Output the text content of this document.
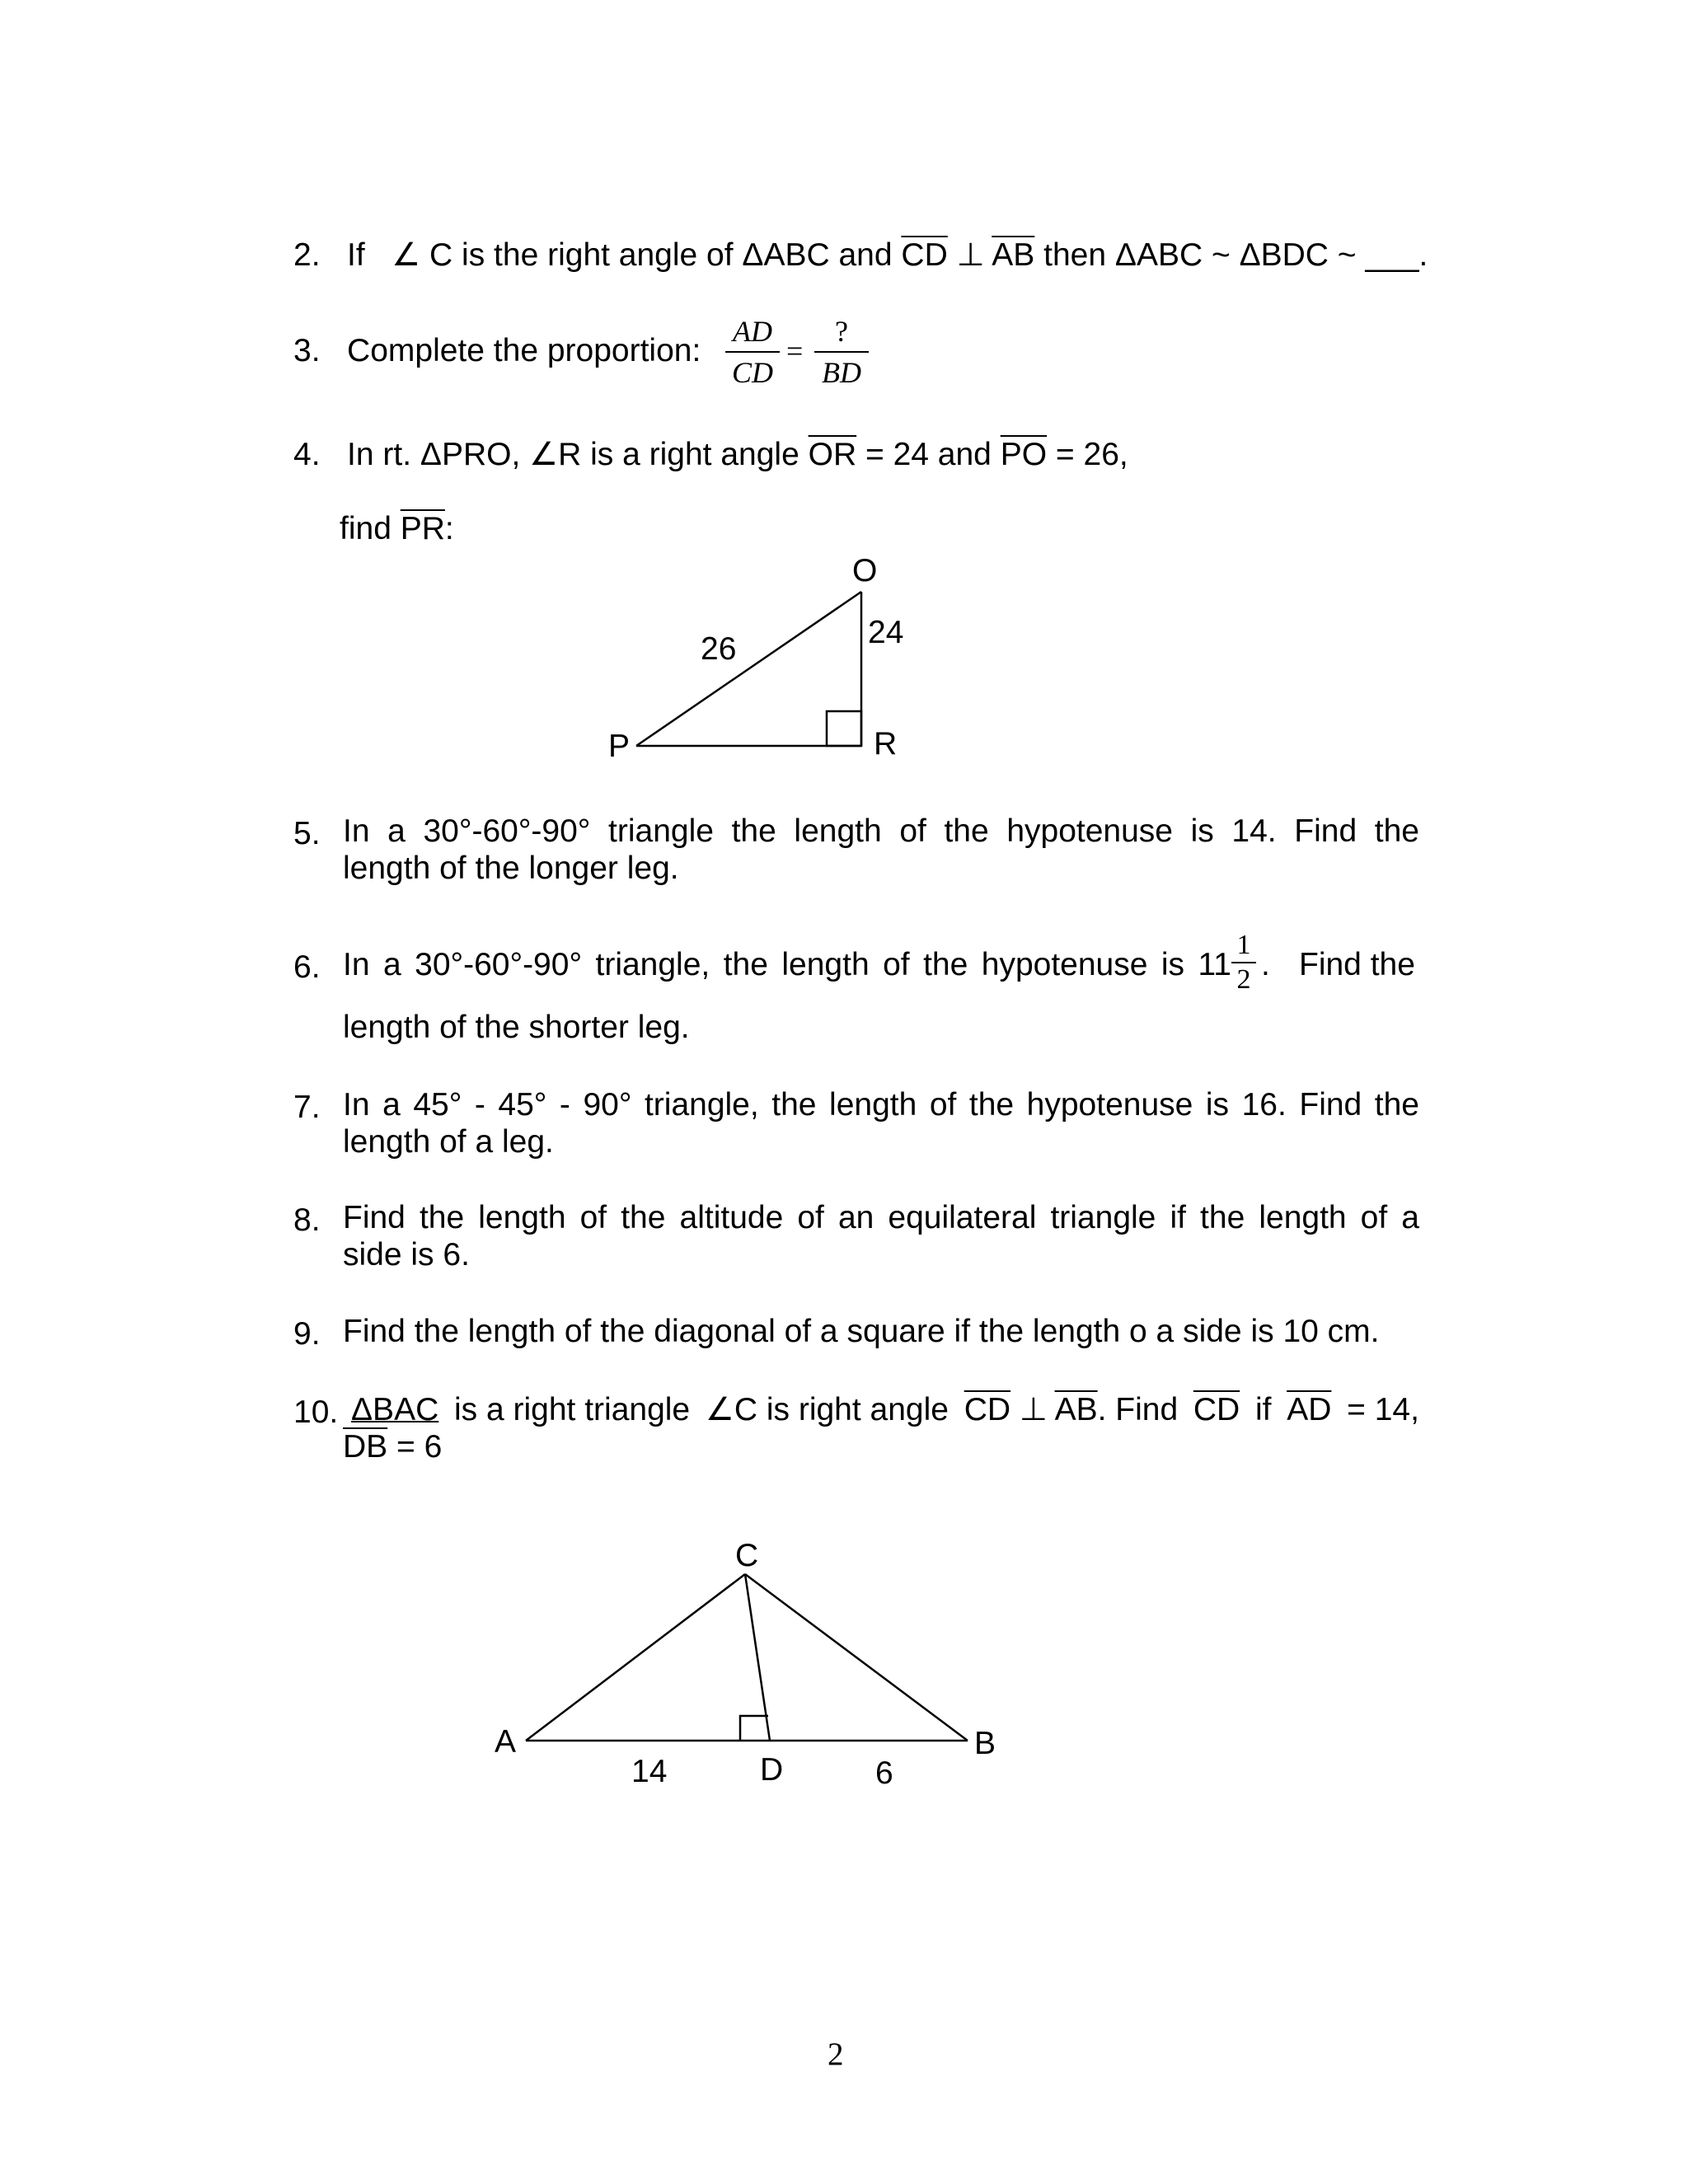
2. If ∠ C is the right angle of ΔABC and $\overline{CD}$ ⊥ $\overline{AB}$ then ΔABC ~ ΔBDC ~ ___.
3. Complete the proportion:
AD
CD
=
?
BD
4. In rt. ΔPRO, ∠R is a right angle $\overline{OR} = 24$ and $\overline{PO} = 26$,
find $\overline{PR}$:
O
P	R
26	24
5. In a 30°-60°-90° triangle the length of the hypotenuse is 14. Find the
length of the longer leg.
6. In a 30°-60°-90° triangle, the length of the hypotenuse is 11
1
2 . Find the
length of the shorter leg.
7. In a 45° - 45° - 90° triangle, the length of the hypotenuse is 16. Find the
length of a leg.
8. Find the length of the altitude of an equilateral triangle if the length of a
side is 6.
9. Find the length of the diagonal of a square if the length o a side is 10 cm.
10. ΔBAC is a right triangle ∠C is right angle $\overline{CD}$ ⊥ $\overline{AB}$. Find $\overline{CD}$ if $\overline{AD} = 14$,
$\overline{DB} = 6$
C
A	B
D
14	6
2
